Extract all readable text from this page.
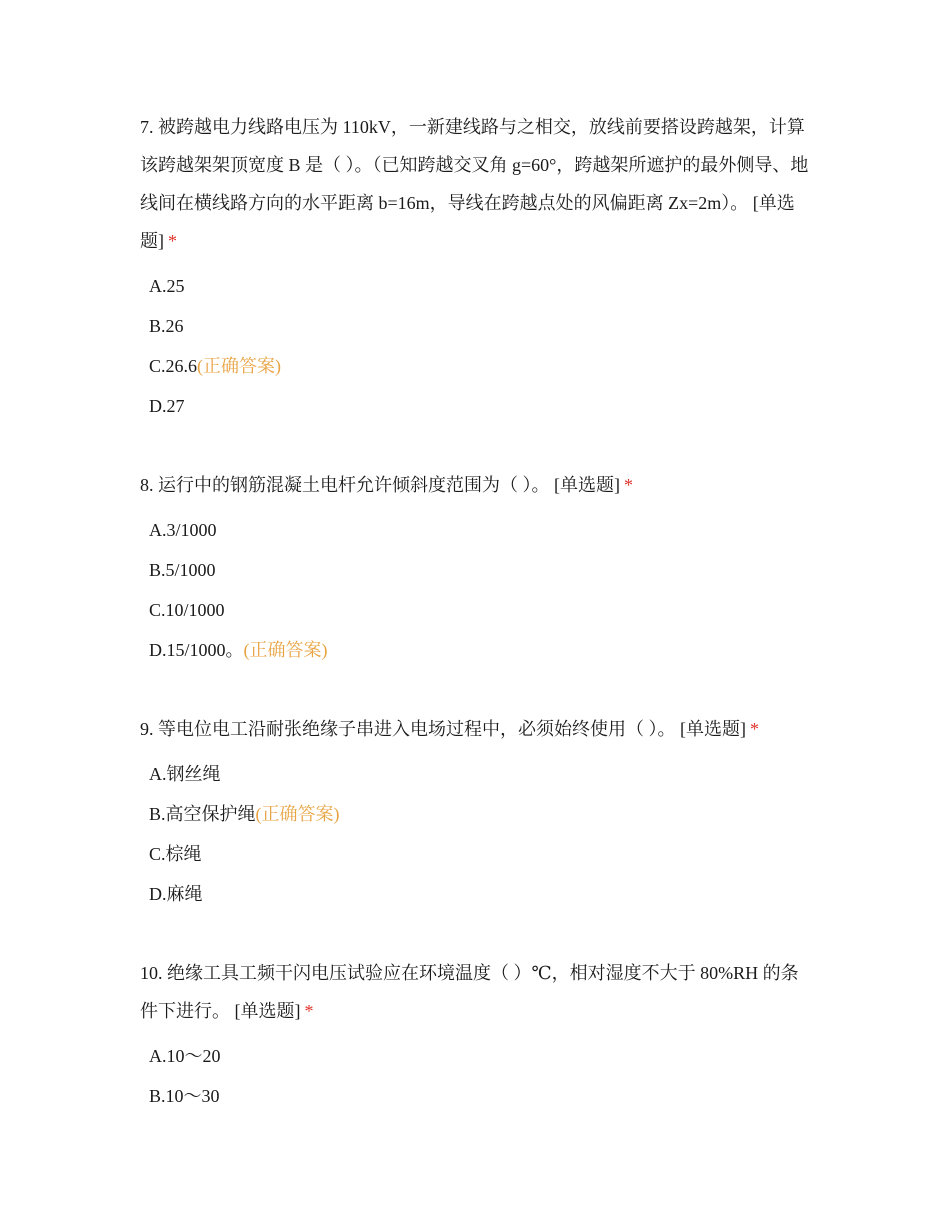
7. 被跨越电力线路电压为 110kV，一新建线路与之相交，放线前要搭设跨越架，计算该跨越架架顶宽度 B 是（ ）。（已知跨越交叉角 g=60°，跨越架所遮护的最外侧导、地线间在横线路方向的水平距离 b=16m，导线在跨越点处的风偏距离 Zx=2m）。 [单选题] *

A.25
B.26
C.26.6(正确答案)
D.27

8. 运行中的钢筋混凝土电杆允许倾斜度范围为（ ）。 [单选题] *

A.3/1000
B.5/1000
C.10/1000
D.15/1000。(正确答案)

9. 等电位电工沿耐张绝缘子串进入电场过程中，必须始终使用（ ）。 [单选题] *

A.钢丝绳
B.高空保护绳(正确答案)
C.棕绳
D.麻绳

10. 绝缘工具工频干闪电压试验应在环境温度（ ）℃，相对湿度不大于 80%RH 的条件下进行。 [单选题] *

A.10～20
B.10～30
